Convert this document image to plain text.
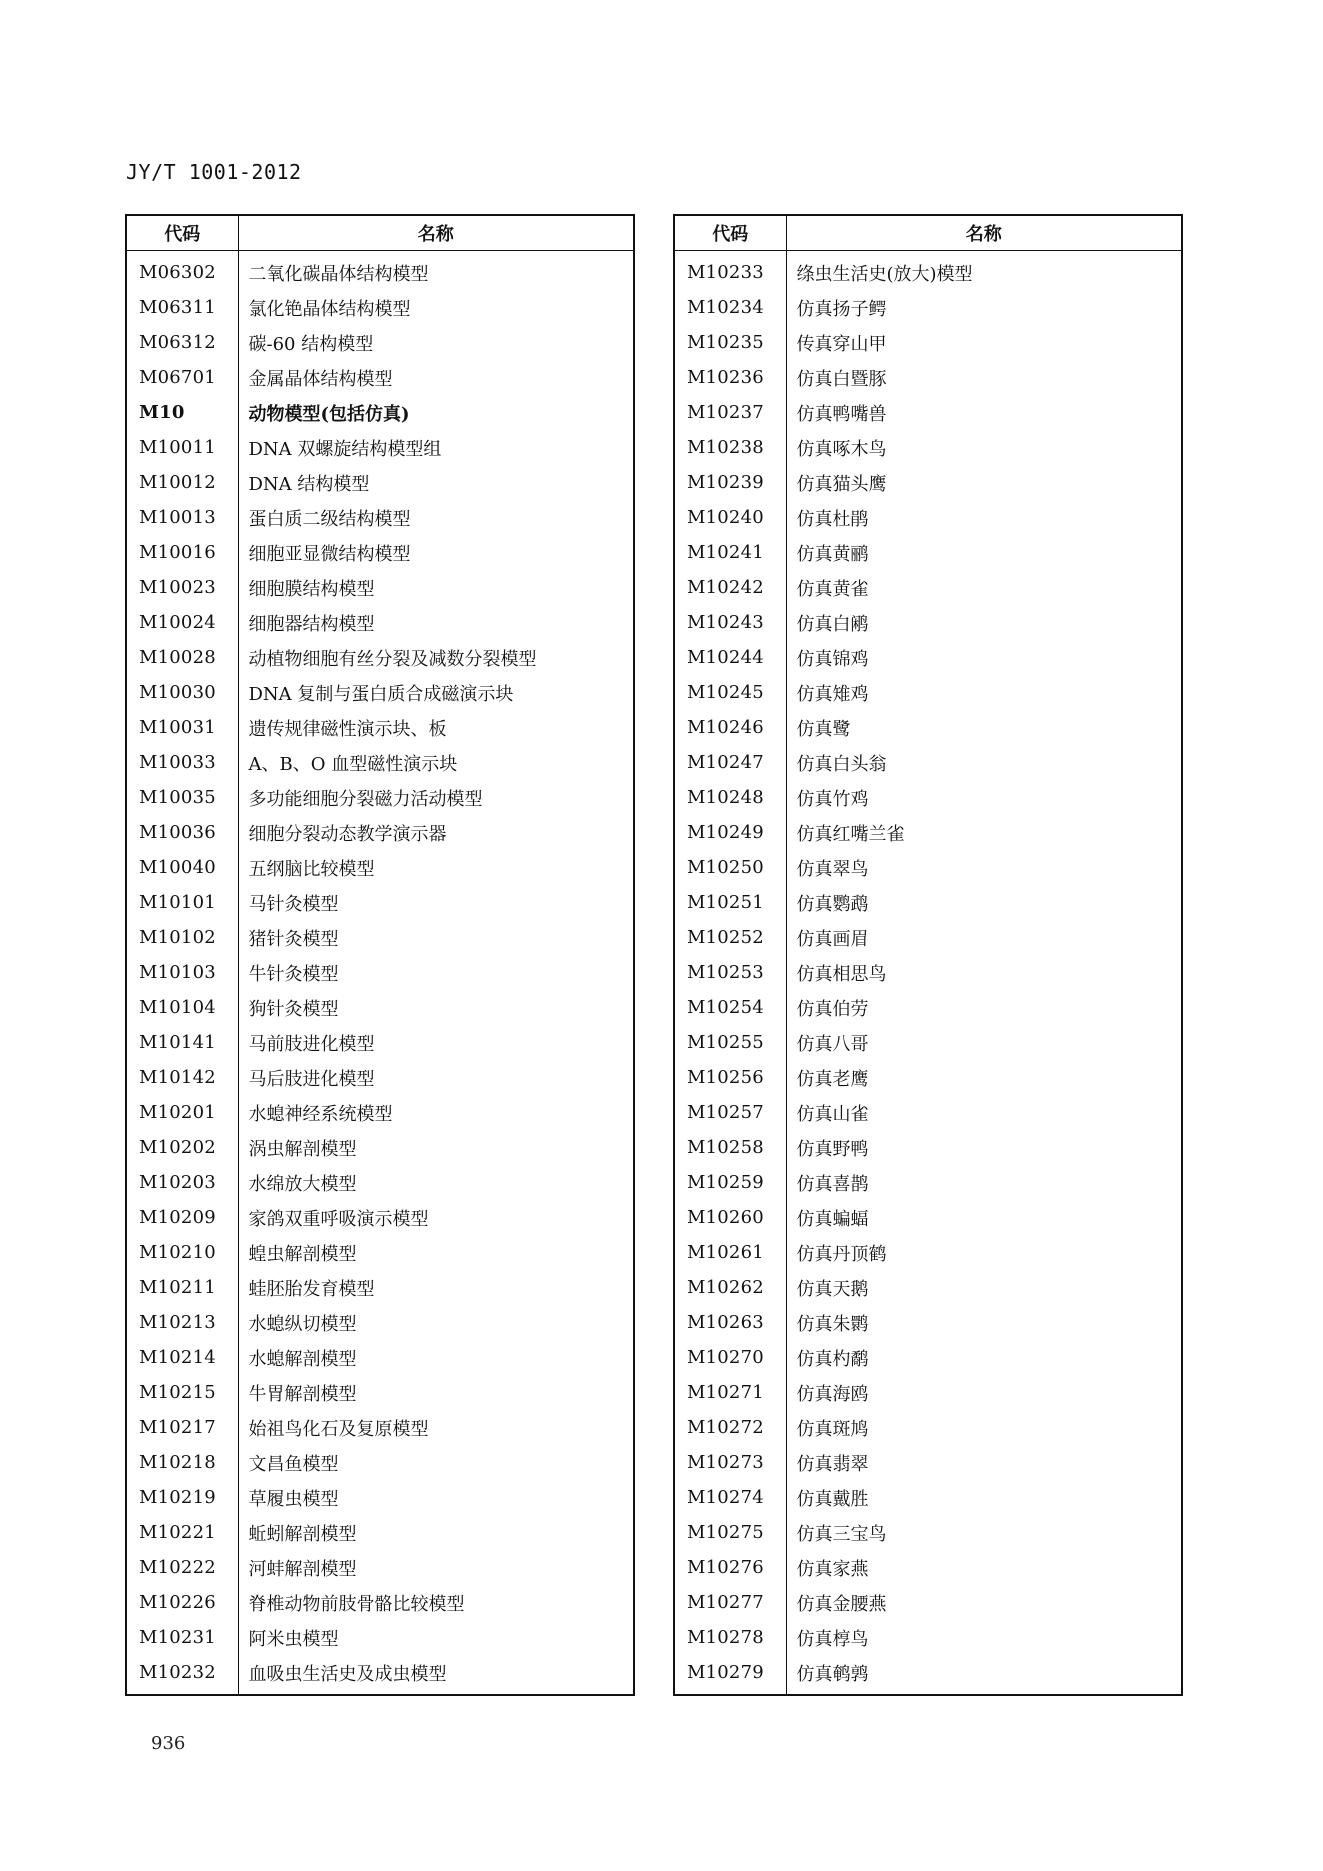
JY/T 1001-2012
代码	名称
M06302	二氧化碳晶体结构模型
M06311	氯化铯晶体结构模型
M06312	碳-60 结构模型
M06701	金属晶体结构模型
M10	动物模型(包括仿真)
M10011	DNA 双螺旋结构模型组
M10012	DNA 结构模型
M10013	蛋白质二级结构模型
M10016	细胞亚显微结构模型
M10023	细胞膜结构模型
M10024	细胞器结构模型
M10028	动植物细胞有丝分裂及减数分裂模型
M10030	DNA 复制与蛋白质合成磁演示块
M10031	遗传规律磁性演示块、板
M10033	A、B、O 血型磁性演示块
M10035	多功能细胞分裂磁力活动模型
M10036	细胞分裂动态教学演示器
M10040	五纲脑比较模型
M10101	马针灸模型
M10102	猪针灸模型
M10103	牛针灸模型
M10104	狗针灸模型
M10141	马前肢进化模型
M10142	马后肢进化模型
M10201	水螅神经系统模型
M10202	涡虫解剖模型
M10203	水绵放大模型
M10209	家鸽双重呼吸演示模型
M10210	蝗虫解剖模型
M10211	蛙胚胎发育模型
M10213	水螅纵切模型
M10214	水螅解剖模型
M10215	牛胃解剖模型
M10217	始祖鸟化石及复原模型
M10218	文昌鱼模型
M10219	草履虫模型
M10221	蚯蚓解剖模型
M10222	河蚌解剖模型
M10226	脊椎动物前肢骨骼比较模型
M10231	阿米虫模型
M10232	血吸虫生活史及成虫模型
代码	名称
M10233	绦虫生活史(放大)模型
M10234	仿真扬子鳄
M10235	传真穿山甲
M10236	仿真白暨豚
M10237	仿真鸭嘴兽
M10238	仿真啄木鸟
M10239	仿真猫头鹰
M10240	仿真杜鹃
M10241	仿真黄鹂
M10242	仿真黄雀
M10243	仿真白鹇
M10244	仿真锦鸡
M10245	仿真雉鸡
M10246	仿真鹭
M10247	仿真白头翁
M10248	仿真竹鸡
M10249	仿真红嘴兰雀
M10250	仿真翠鸟
M10251	仿真鹦鹉
M10252	仿真画眉
M10253	仿真相思鸟
M10254	仿真伯劳
M10255	仿真八哥
M10256	仿真老鹰
M10257	仿真山雀
M10258	仿真野鸭
M10259	仿真喜鹊
M10260	仿真蝙蝠
M10261	仿真丹顶鹤
M10262	仿真天鹅
M10263	仿真朱鹮
M10270	仿真杓鹬
M10271	仿真海鸥
M10272	仿真斑鸠
M10273	仿真翡翠
M10274	仿真戴胜
M10275	仿真三宝鸟
M10276	仿真家燕
M10277	仿真金腰燕
M10278	仿真椁鸟
M10279	仿真鹌鹑
936
